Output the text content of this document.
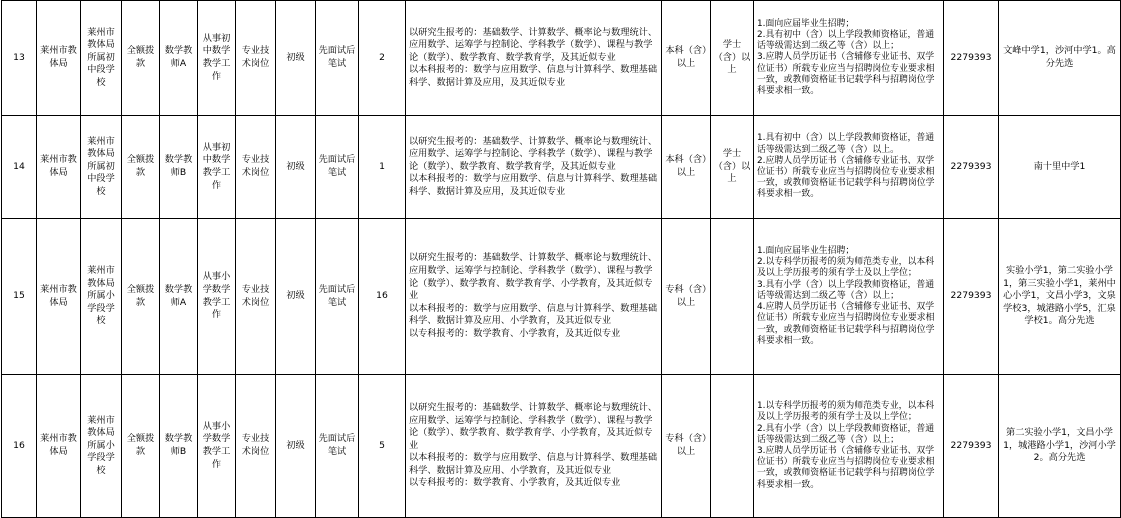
13	莱州市教体局	莱州市教体局所属初中段学校	全额拨款	数学教师A	从事初中数学教学工作	专业技术岗位	初级	先面试后笔试	2	以研究生报考的：基础数学、计算数学、概率论与数理统计、应用数学、运筹学与控制论、学科教学（数学）、课程与教学论（数学）、数学教育、数学教育学，及其近似专业
以本科报考的：数学与应用数学、信息与计算科学、数理基础科学、数据计算及应用，及其近似专业	本科（含）以上	学士（含）以上	1.面向应届毕业生招聘；
2.具有初中（含）以上学段教师资格证，普通话等级需达到二级乙等（含）以上；
3.应聘人员学历证书（含辅修专业证书、双学位证书）所载专业应当与招聘岗位专业要求相一致，或教师资格证书记载学科与招聘岗位学科要求相一致。	2279393	文峰中学1，沙河中学1。高分先选
14	莱州市教体局	莱州市教体局所属初中段学校	全额拨款	数学教师B	从事初中数学教学工作	专业技术岗位	初级	先面试后笔试	1	以研究生报考的：基础数学、计算数学、概率论与数理统计、应用数学、运筹学与控制论、学科教学（数学）、课程与教学论（数学）、数学教育、数学教育学，及其近似专业
以本科报考的：数学与应用数学、信息与计算科学、数理基础科学、数据计算及应用，及其近似专业	本科（含）以上	学士（含）以上	1.具有初中（含）以上学段教师资格证，普通话等级需达到二级乙等（含）以上。
2.应聘人员学历证书（含辅修专业证书、双学位证书）所载专业应当与招聘岗位专业要求相一致，或教师资格证书记载学科与招聘岗位学科要求相一致。	2279393	南十里中学1
15	莱州市教体局	莱州市教体局所属小学段学校	全额拨款	数学教师A	从事小学数学教学工作	专业技术岗位	初级	先面试后笔试	16	以研究生报考的：基础数学、计算数学、概率论与数理统计、应用数学、运筹学与控制论、学科教学（数学）、课程与教学论（数学）、数学教育、数学教育学、小学教育，及其近似专业
以本科报考的：数学与应用数学、信息与计算科学、数理基础科学、数据计算及应用、小学教育，及其近似专业
以专科报考的：数学教育、小学教育，及其近似专业	专科（含）以上		1.面向应届毕业生招聘；
2.以专科学历报考的须为师范类专业，以本科及以上学历报考的须有学士及以上学位；
3.具有小学（含）以上学段教师资格证，普通话等级需达到二级乙等（含）以上；
4.应聘人员学历证书（含辅修专业证书、双学位证书）所载专业应当与招聘岗位专业要求相一致，或教师资格证书记载学科与招聘岗位学科要求相一致。	2279393	实验小学1，第二实验小学1，第三实验小学1，莱州中心小学1，文昌小学3，文泉学校3，城港路小学5，汇泉学校1。高分先选
16	莱州市教体局	莱州市教体局所属小学段学校	全额拨款	数学教师B	从事小学数学教学工作	专业技术岗位	初级	先面试后笔试	5	以研究生报考的：基础数学、计算数学、概率论与数理统计、应用数学、运筹学与控制论、学科教学（数学）、课程与教学论（数学）、数学教育、数学教育学、小学教育，及其近似专业
以本科报考的：数学与应用数学、信息与计算科学、数理基础科学、数据计算及应用、小学教育，及其近似专业
以专科报考的：数学教育、小学教育，及其近似专业	专科（含）以上		1.以专科学历报考的须为师范类专业，以本科及以上学历报考的须有学士及以上学位；
2.具有小学（含）以上学段教师资格证，普通话等级需达到二级乙等（含）以上；
3.应聘人员学历证书（含辅修专业证书、双学位证书）所载专业应当与招聘岗位专业要求相一致，或教师资格证书记载学科与招聘岗位学科要求相一致。	2279393	第二实验小学1，文昌小学1，城港路小学1，沙河小学2。高分先选
